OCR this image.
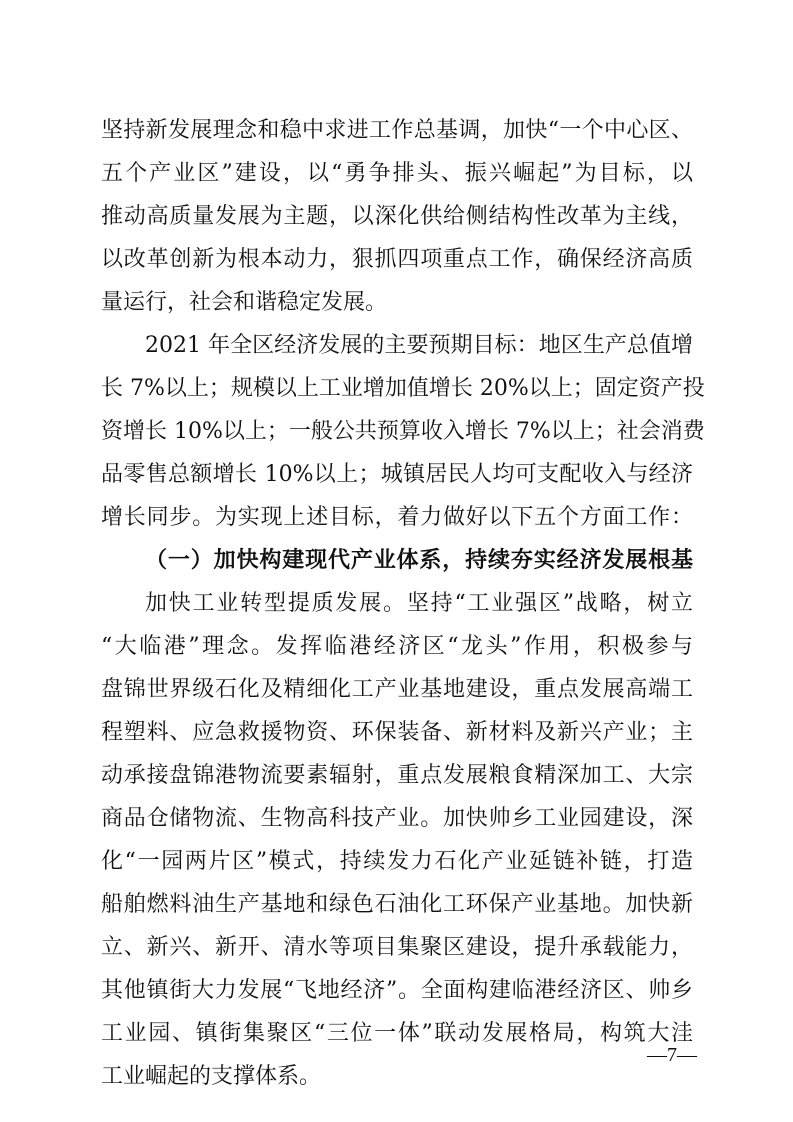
坚持新发展理念和稳中求进工作总基调，加快“一个中心区、
五个产业区”建设，以“勇争排头、振兴崛起”为目标，以
推动高质量发展为主题，以深化供给侧结构性改革为主线，
以改革创新为根本动力，狠抓四项重点工作，确保经济高质
量运行，社会和谐稳定发展。
2021 年全区经济发展的主要预期目标：地区生产总值增
长 7%以上；规模以上工业增加值增长 20%以上；固定资产投
资增长 10%以上；一般公共预算收入增长 7%以上；社会消费
品零售总额增长 10%以上；城镇居民人均可支配收入与经济
增长同步。为实现上述目标，着力做好以下五个方面工作：
（一）加快构建现代产业体系，持续夯实经济发展根基
加快工业转型提质发展。坚持“工业强区”战略，树立
“大临港”理念。发挥临港经济区“龙头”作用，积极参与
盘锦世界级石化及精细化工产业基地建设，重点发展高端工
程塑料、应急救援物资、环保装备、新材料及新兴产业；主
动承接盘锦港物流要素辐射，重点发展粮食精深加工、大宗
商品仓储物流、生物高科技产业。加快帅乡工业园建设，深
化“一园两片区”模式，持续发力石化产业延链补链，打造
船舶燃料油生产基地和绿色石油化工环保产业基地。加快新
立、新兴、新开、清水等项目集聚区建设，提升承载能力，
其他镇街大力发展“飞地经济”。全面构建临港经济区、帅乡
工业园、镇街集聚区“三位一体”联动发展格局，构筑大洼
工业崛起的支撑体系。
—7—
